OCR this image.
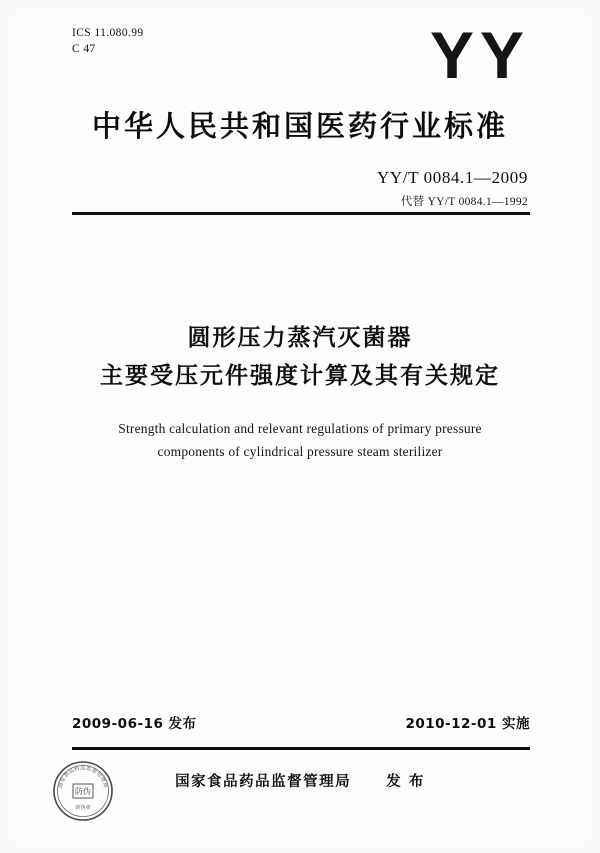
ICS 11.080.99
C 47	YY
中华人民共和国医药行业标准
YY/T 0084.1—2009
代替 YY/T 0084.1—1992
圆形压力蒸汽灭菌器
主要受压元件强度计算及其有关规定
Strength calculation and relevant regulations of primary pressure
components of cylindrical pressure steam sterilizer
2009-06-16 发布	2010-12-01 实施
国家食品药品监督管理局 发 布
国家食品药品监督管理局
防伪
防伪章
